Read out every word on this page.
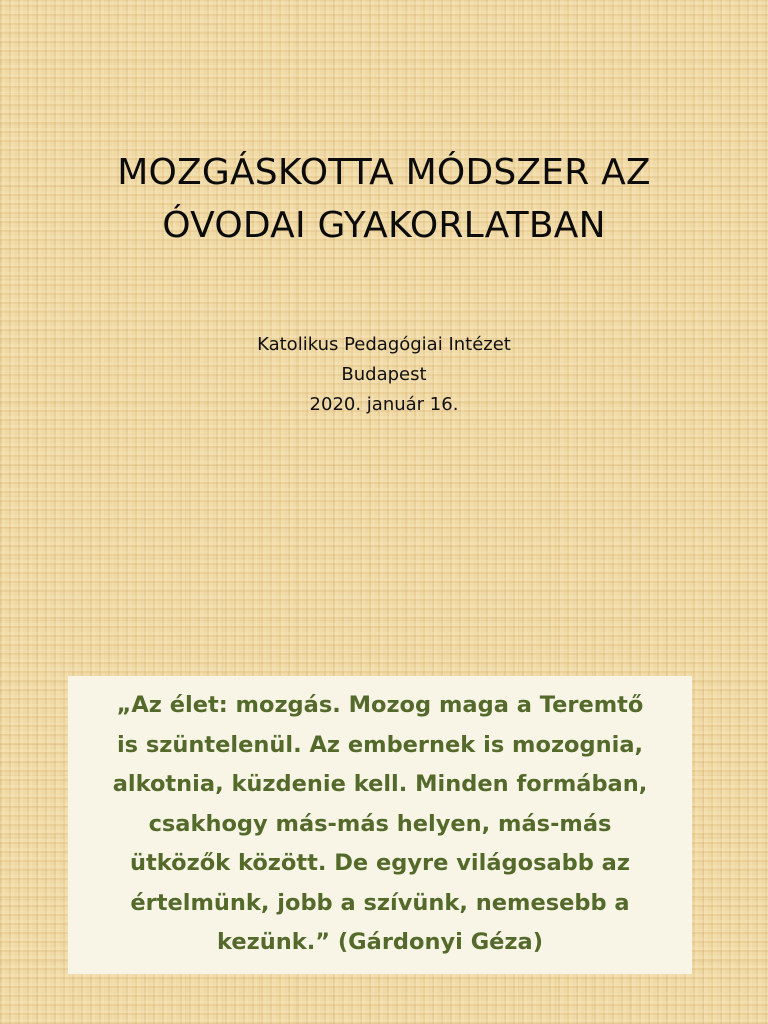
MOZGÁSKOTTA MÓDSZER AZ
ÓVODAI GYAKORLATBAN
Katolikus Pedagógiai Intézet
Budapest
2020. január 16.

„Az élet: mozgás. Mozog maga a Teremtő
is szüntelenül. Az embernek is mozognia,
alkotnia, küzdenie kell. Minden formában,
csakhogy más-más helyen, más-más
ütközők között. De egyre világosabb az
értelmünk, jobb a szívünk, nemesebb a
kezünk.” (Gárdonyi Géza)
